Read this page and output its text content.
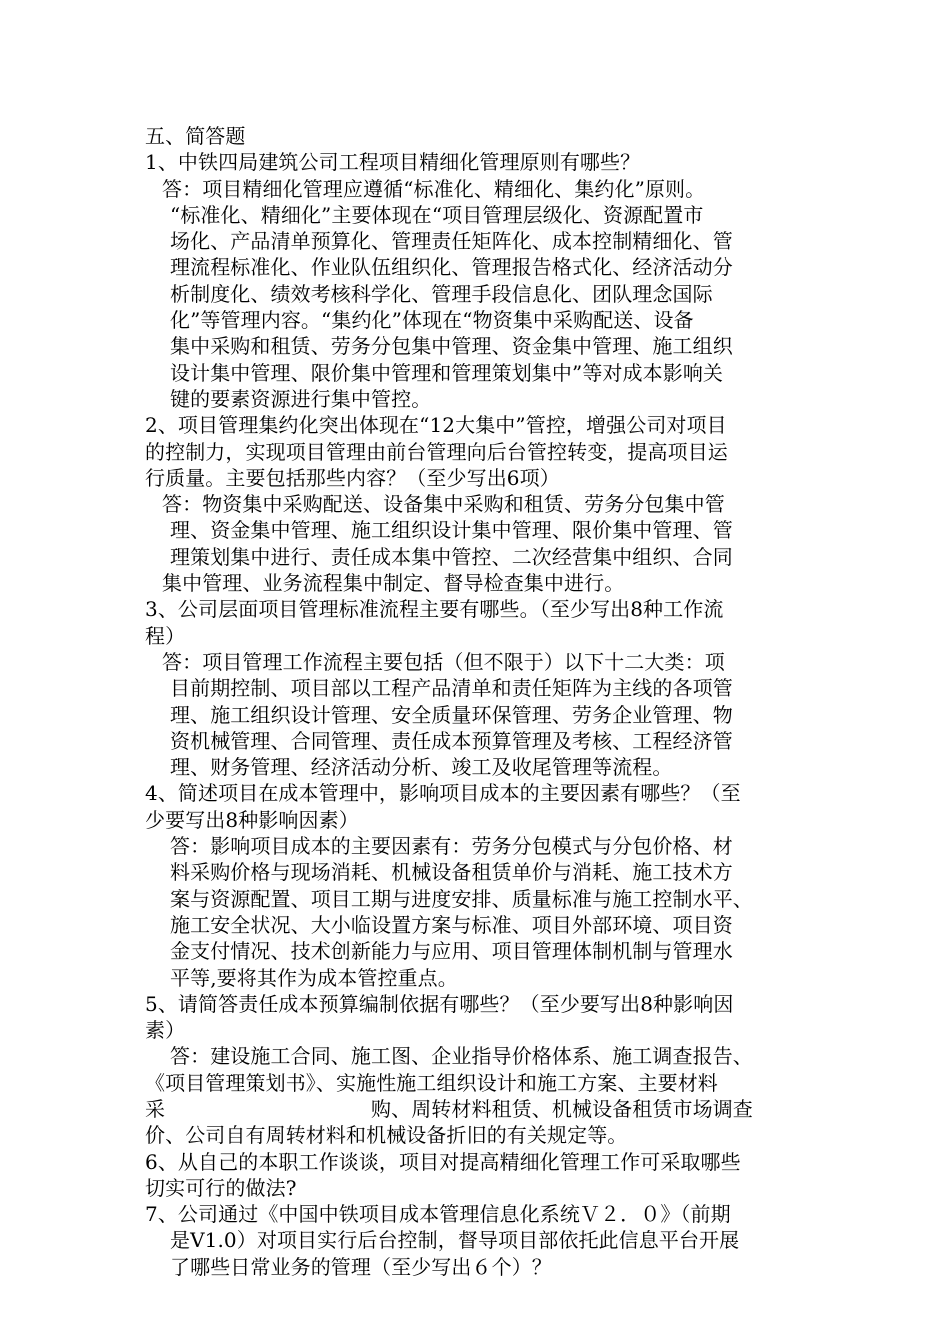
五、简答题
1、中铁四局建筑公司工程项目精细化管理原则有哪些？
答：项目精细化管理应遵循“标准化、精细化、集约化”原则。
“标准化、精细化”主要体现在“项目管理层级化、资源配置市
场化、产品清单预算化、管理责任矩阵化、成本控制精细化、管
理流程标准化、作业队伍组织化、管理报告格式化、经济活动分
析制度化、绩效考核科学化、管理手段信息化、团队理念国际
化”等管理内容。“集约化”体现在“物资集中采购配送、设备
集中采购和租赁、劳务分包集中管理、资金集中管理、施工组织
设计集中管理、限价集中管理和管理策划集中”等对成本影响关
键的要素资源进行集中管控。
2、项目管理集约化突出体现在“12大集中”管控，增强公司对项目
的控制力，实现项目管理由前台管理向后台管控转变，提高项目运
行质量。主要包括那些内容？（至少写出6项）
答：物资集中采购配送、设备集中采购和租赁、劳务分包集中管
理、资金集中管理、施工组织设计集中管理、限价集中管理、管
理策划集中进行、责任成本集中管控、二次经营集中组织、合同
集中管理、业务流程集中制定、督导检查集中进行。
3、公司层面项目管理标准流程主要有哪些。（至少写出8种工作流
程）
答：项目管理工作流程主要包括（但不限于）以下十二大类：项
目前期控制、项目部以工程产品清单和责任矩阵为主线的各项管
理、施工组织设计管理、安全质量环保管理、劳务企业管理、物
资机械管理、合同管理、责任成本预算管理及考核、工程经济管
理、财务管理、经济活动分析、竣工及收尾管理等流程。
4、简述项目在成本管理中，影响项目成本的主要因素有哪些？（至
少要写出8种影响因素）
答：影响项目成本的主要因素有：劳务分包模式与分包价格、材
料采购价格与现场消耗、机械设备租赁单价与消耗、施工技术方
案与资源配置、项目工期与进度安排、质量标准与施工控制水平、
施工安全状况、大小临设置方案与标准、项目外部环境、项目资
金支付情况、技术创新能力与应用、项目管理体制机制与管理水
平等,要将其作为成本管控重点。
5、请简答责任成本预算编制依据有哪些？（至少要写出8种影响因
素）
答：建设施工合同、施工图、企业指导价格体系、施工调查报告、
《项目管理策划书》、实施性施工组织设计和施工方案、主要材料
采	购、周转材料租赁、机械设备租赁市场调查
价、公司自有周转材料和机械设备折旧的有关规定等。
6、从自己的本职工作谈谈，项目对提高精细化管理工作可采取哪些
切实可行的做法?
7、公司通过《中国中铁项目成本管理信息化系统Ｖ２．０》（前期
是V1.0）对项目实行后台控制，督导项目部依托此信息平台开展
了哪些日常业务的管理（至少写出６个）？
